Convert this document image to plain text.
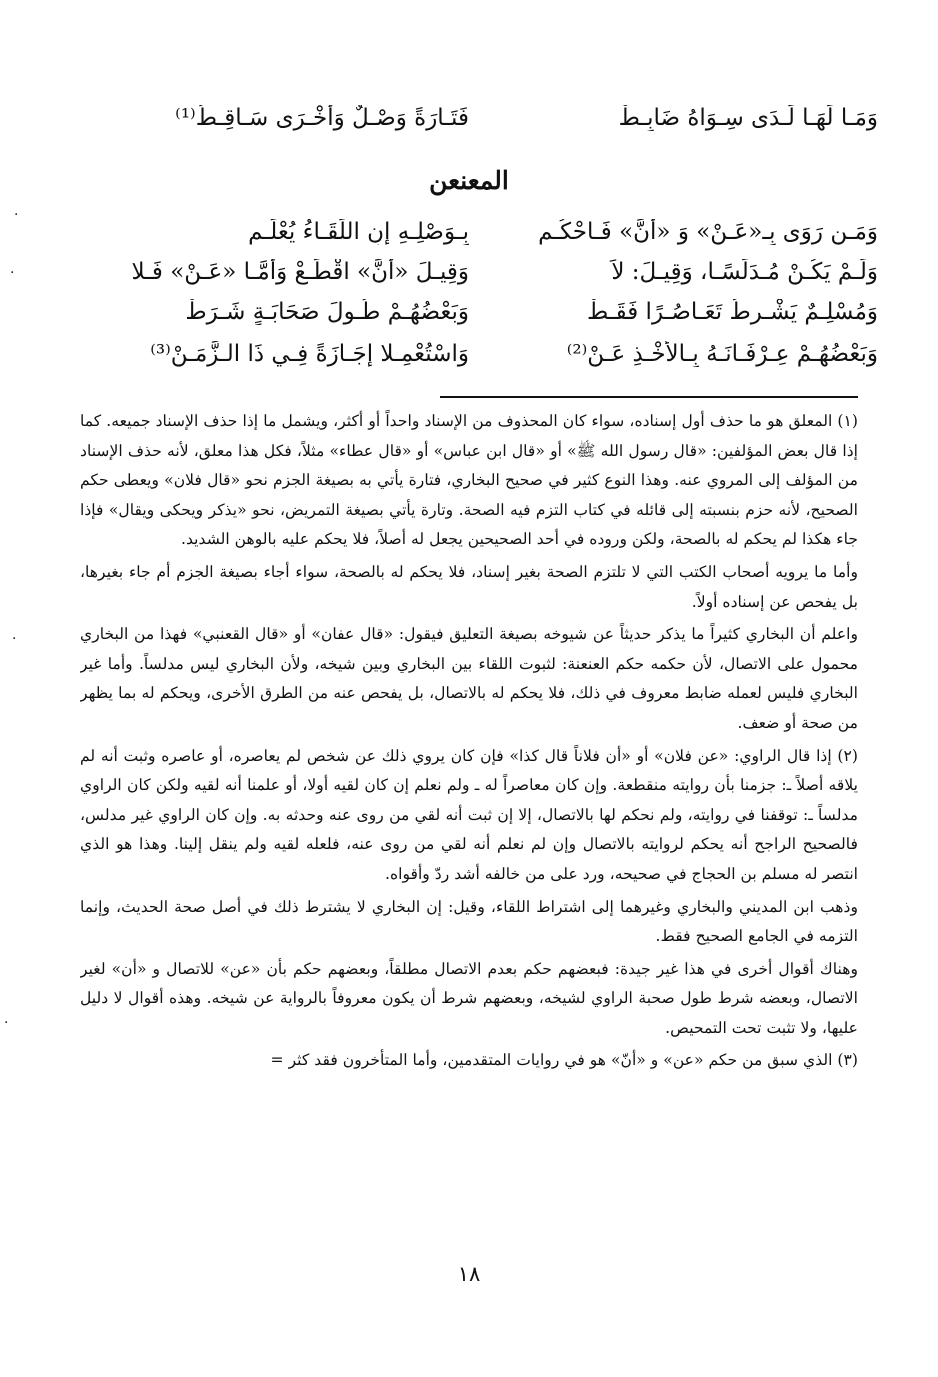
وَمَـا لَهَـا لَـدَى سِـوَاهُ ضَابِـطْ
فَتَـارَةً وَصْـلٌ وَأُخْـرَى سَـاقِـطُ⁽¹⁾
المعنعن
وَمَـن رَوَى بِـ«عَـنْ» وَ «أَنَّ» فَـاحْكُـمِ
بِـوَصْلِـهِ إِنِ اللِّقَـاءُ يُعْلَـمِ
وَلَـمْ يَكُـنْ مُـدَلِّسًـا، وَقِيـلَ: لاَ
وَقِيـلَ «أَنَّ» اقْطَـعْ وَأَمَّـا «عَـنْ» فَـلا
وَمُسْلِـمٌ يَشْـرِطُ تَعَـاصُـرًا فَقَـطْ
وَبَعْضُهُـمْ طُـولَ صَحَابَـةٍ شَـرَطْ
وَبَعْضُهُـمْ عِـرْفَـانَـهُ بِـالأَخْـذِ عَـنْ⁽²⁾
وَاسْتُعْمِـلا إِجَـازَةً فِـي ذَا الـزَّمَـنْ⁽³⁾

(١) المعلق هو ما حذف أول إسناده، سواء كان المحذوف من الإسناد واحداً أو أكثر، ويشمل ما إذا حذف الإسناد جميعه. كما إذا قال بعض المؤلفين: «قال رسول الله ﷺ» أو «قال ابن عباس» أو «قال عطاء» مثلاً، فكل هذا معلق، لأنه حذف الإسناد من المؤلف إلى المروي عنه. وهذا النوع كثير في صحيح البخاري، فتارة يأتي به بصيغة الجزم نحو «قال فلان» ويعطى حكم الصحيح، لأنه حزم بنسبته إلى قائله في كتاب التزم فيه الصحة. وتارة يأتي بصيغة التمريض، نحو «يذكر ويحكى ويقال» فإذا جاء هكذا لم يحكم له بالصحة، ولكن وروده في أحد الصحيحين يجعل له أصلاً، فلا يحكم عليه بالوهن الشديد.

وأما ما يرويه أصحاب الكتب التي لا تلتزم الصحة بغير إسناد، فلا يحكم له بالصحة، سواء أجاء بصيغة الجزم أم جاء بغيرها، بل يفحص عن إسناده أولاً.

واعلم أن البخاري كثيراً ما يذكر حديثاً عن شيوخه بصيغة التعليق فيقول: «قال عفان» أو «قال القعنبي» فهذا من البخاري محمول على الاتصال، لأن حكمه حكم العنعنة: لثبوت اللقاء بين البخاري وبين شيخه، ولأن البخاري ليس مدلساً. وأما غير البخاري فليس لعمله ضابط معروف في ذلك، فلا يحكم له بالاتصال، بل يفحص عنه من الطرق الأخرى، ويحكم له بما يظهر من صحة أو ضعف.

(٢) إذا قال الراوي: «عن فلان» أو «أن فلاناً قال كذا» فإن كان يروي ذلك عن شخص لم يعاصره، أو عاصره وثبت أنه لم يلاقه أصلاً ـ: جزمنا بأن روايته منقطعة. وإن كان معاصراً له ـ ولم نعلم إن كان لقيه أولا، أو علمنا أنه لقيه ولكن كان الراوي مدلساً ـ: توقفنا في روايته، ولم نحكم لها بالاتصال، إلا إن ثبت أنه لقي من روى عنه وحدثه به. وإن كان الراوي غير مدلس، فالصحيح الراجح أنه يحكم لروايته بالاتصال وإن لم نعلم أنه لقي من روى عنه، فلعله لقيه ولم ينقل إلينا. وهذا هو الذي انتصر له مسلم بن الحجاج في صحيحه، ورد على من خالفه أشد ردّ وأقواه.

وذهب ابن المديني والبخاري وغيرهما إلى اشتراط اللقاء، وقيل: إن البخاري لا يشترط ذلك في أصل صحة الحديث، وإنما التزمه في الجامع الصحيح فقط.

وهناك أقوال أخرى في هذا غير جيدة: فبعضهم حكم بعدم الاتصال مطلقاً، وبعضهم حكم بأن «عن» للاتصال و «أن» لغير الاتصال، وبعضه شرط طول صحبة الراوي لشيخه، وبعضهم شرط أن يكون معروفاً بالرواية عن شيخه. وهذه أقوال لا دليل عليها، ولا تثبت تحت التمحيص.

(٣) الذي سبق من حكم «عن» و «أنّ» هو في روايات المتقدمين، وأما المتأخرون فقد كثر =

١٨
·
·
·
·
